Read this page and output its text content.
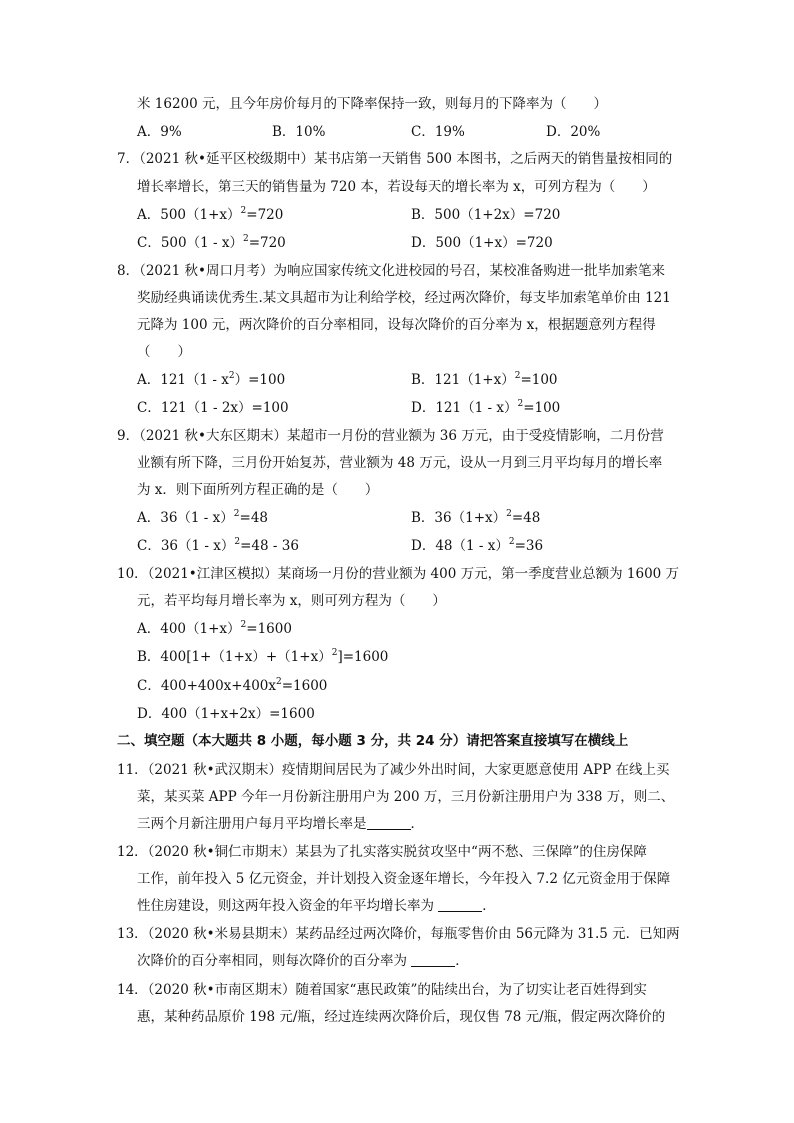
米 16200 元，且今年房价每月的下降率保持一致，则每月的下降率为（　　）
A．9%	B．10%	C．19%	D．20%
7．（2021 秋•延平区校级期中）某书店第一天销售 500 本图书，之后两天的销售量按相同的
增长率增长，第三天的销售量为 720 本，若设每天的增长率为 x，可列方程为（　　）
A．$500(1+x)^2=720$	B．500（1+2x）=720
C．500（1 - x）$^2$=720	D．500（1+x）=720
8．（2021 秋•周口月考）为响应国家传统文化进校园的号召，某校准备购进一批毕加索笔来
奖励经典诵读优秀生.某文具超市为让利给学校，经过两次降价，每支毕加索笔单价由 121
元降为 100 元，两次降价的百分率相同，设每次降价的百分率为 x，根据题意列方程得
（　　）
A．$121(1 - x^2)=100$	B．$121(1+x)^2=100$
C．121（1 - 2x）=100	D．121（1 - x）$^2$=100
9．（2021 秋•大东区期末）某超市一月份的营业额为 36 万元，由于受疫情影响，二月份营
业额有所下降，三月份开始复苏，营业额为 48 万元，设从一月到三月平均每月的增长率
为 x．则下面所列方程正确的是（　　）
A．36（1 - x）$^2$=48	B．$36(1+x)^2=48$
C．36（1 - x）$^2$=48 - 36	D．48（1 - x）$^2$=36
10．（2021•江津区模拟）某商场一月份的营业额为 400 万元，第一季度营业总额为 1600 万
元，若平均每月增长率为 x，则可列方程为（　　）
A．$400(1+x)^2=1600$
B．$400[1+(1+x)+(1+x)^2]=1600$
C．$400+400x+400x^2=1600$
D．400（1+x+2x）=1600
二、填空题（本大题共 8 小题，每小题 3 分，共 24 分）请把答案直接填写在横线上
11．（2021 秋•武汉期末）疫情期间居民为了减少外出时间，大家更愿意使用 APP 在线上买
菜，某买菜 APP 今年一月份新注册用户为 200 万，三月份新注册用户为 338 万，则二、
三两个月新注册用户每月平均增长率是	．
12．（2020 秋•铜仁市期末）某县为了扎实落实脱贫攻坚中“两不愁、三保障”的住房保障
工作，前年投入 5 亿元资金，并计划投入资金逐年增长，今年投入 7.2 亿元资金用于保障
性住房建设，则这两年投入资金的年平均增长率为	．
13．（2020 秋•米易县期末）某药品经过两次降价，每瓶零售价由 56元降为 31.5 元．已知两
次降价的百分率相同，则每次降价的百分率为	．
14．（2020 秋•市南区期末）随着国家“惠民政策”的陆续出台，为了切实让老百姓得到实
惠，某种药品原价 198 元/瓶，经过连续两次降价后，现仅售 78 元/瓶，假定两次降价的
